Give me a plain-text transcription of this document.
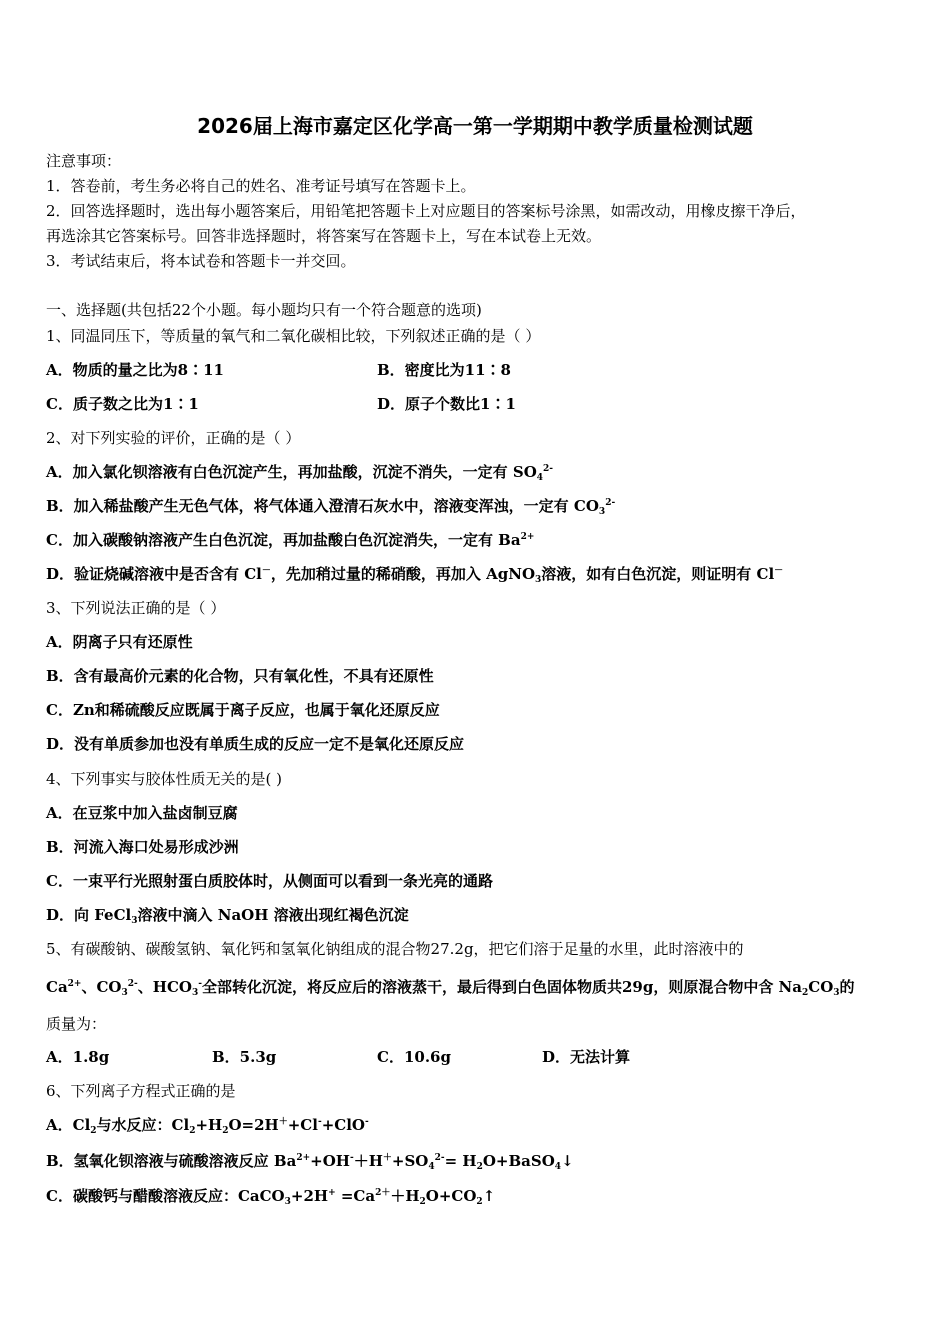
2026届上海市嘉定区化学高一第一学期期中教学质量检测试题
注意事项：
1．答卷前，考生务必将自己的姓名、准考证号填写在答题卡上。
2．回答选择题时，选出每小题答案后，用铅笔把答题卡上对应题目的答案标号涂黑，如需改动，用橡皮擦干净后，
再选涂其它答案标号。回答非选择题时，将答案写在答题卡上，写在本试卷上无效。
3．考试结束后，将本试卷和答题卡一并交回。
一、选择题(共包括22个小题。每小题均只有一个符合题意的选项)
1、同温同压下，等质量的氧气和二氧化碳相比较，下列叙述正确的是（ ）
A．物质的量之比为8∶11	B．密度比为11∶8
C．质子数之比为1∶1	D．原子个数比1∶1
2、对下列实验的评价，正确的是（ ）
A．加入氯化钡溶液有白色沉淀产生，再加盐酸，沉淀不消失，一定有 $SO_4^{2-}$
B．加入稀盐酸产生无色气体，将气体通入澄清石灰水中，溶液变浑浊，一定有 $CO_3^{2-}$
C．加入碳酸钠溶液产生白色沉淀，再加盐酸白色沉淀消失，一定有 $Ba^{2+}$
D．验证烧碱溶液中是否含有 Cl－，先加稍过量的稀硝酸，再加入 AgNO$_3$溶液，如有白色沉淀，则证明有 Cl－
3、下列说法正确的是（ ）
A．阴离子只有还原性
B．含有最高价元素的化合物，只有氧化性，不具有还原性
C．Zn和稀硫酸反应既属于离子反应，也属于氧化还原反应
D．没有单质参加也没有单质生成的反应一定不是氧化还原反应
4、下列事实与胶体性质无关的是( )
A．在豆浆中加入盐卤制豆腐
B．河流入海口处易形成沙洲
C．一束平行光照射蛋白质胶体时，从侧面可以看到一条光亮的通路
D．向 FeCl$_3$溶液中滴入 NaOH 溶液出现红褐色沉淀
5、有碳酸钠、碳酸氢钠、氧化钙和氢氧化钠组成的混合物27.2g，把它们溶于足量的水里，此时溶液中的
$Ca^{2+}$、$CO_3^{2-}$、$HCO_3^-$全部转化沉淀，将反应后的溶液蒸干，最后得到白色固体物质共29g，则原混合物中含 $Na_2CO_3$的
质量为：
A．1.8g	B．5.3g	C．10.6g	D．无法计算
6、下列离子方程式正确的是
A．$Cl_2$与水反应：$Cl_2+H_2O=2H^++Cl^-+ClO^-$
B．氢氧化钡溶液与硫酸溶液反应 $Ba^{2+}+OH^-+H^++SO_4^{2-}=$ $H_2O+BaSO_4↓$
C．碳酸钙与醋酸溶液反应：CaCO$_3$+2H+ $=Ca^{2+}+H_2O+CO_2↑$
